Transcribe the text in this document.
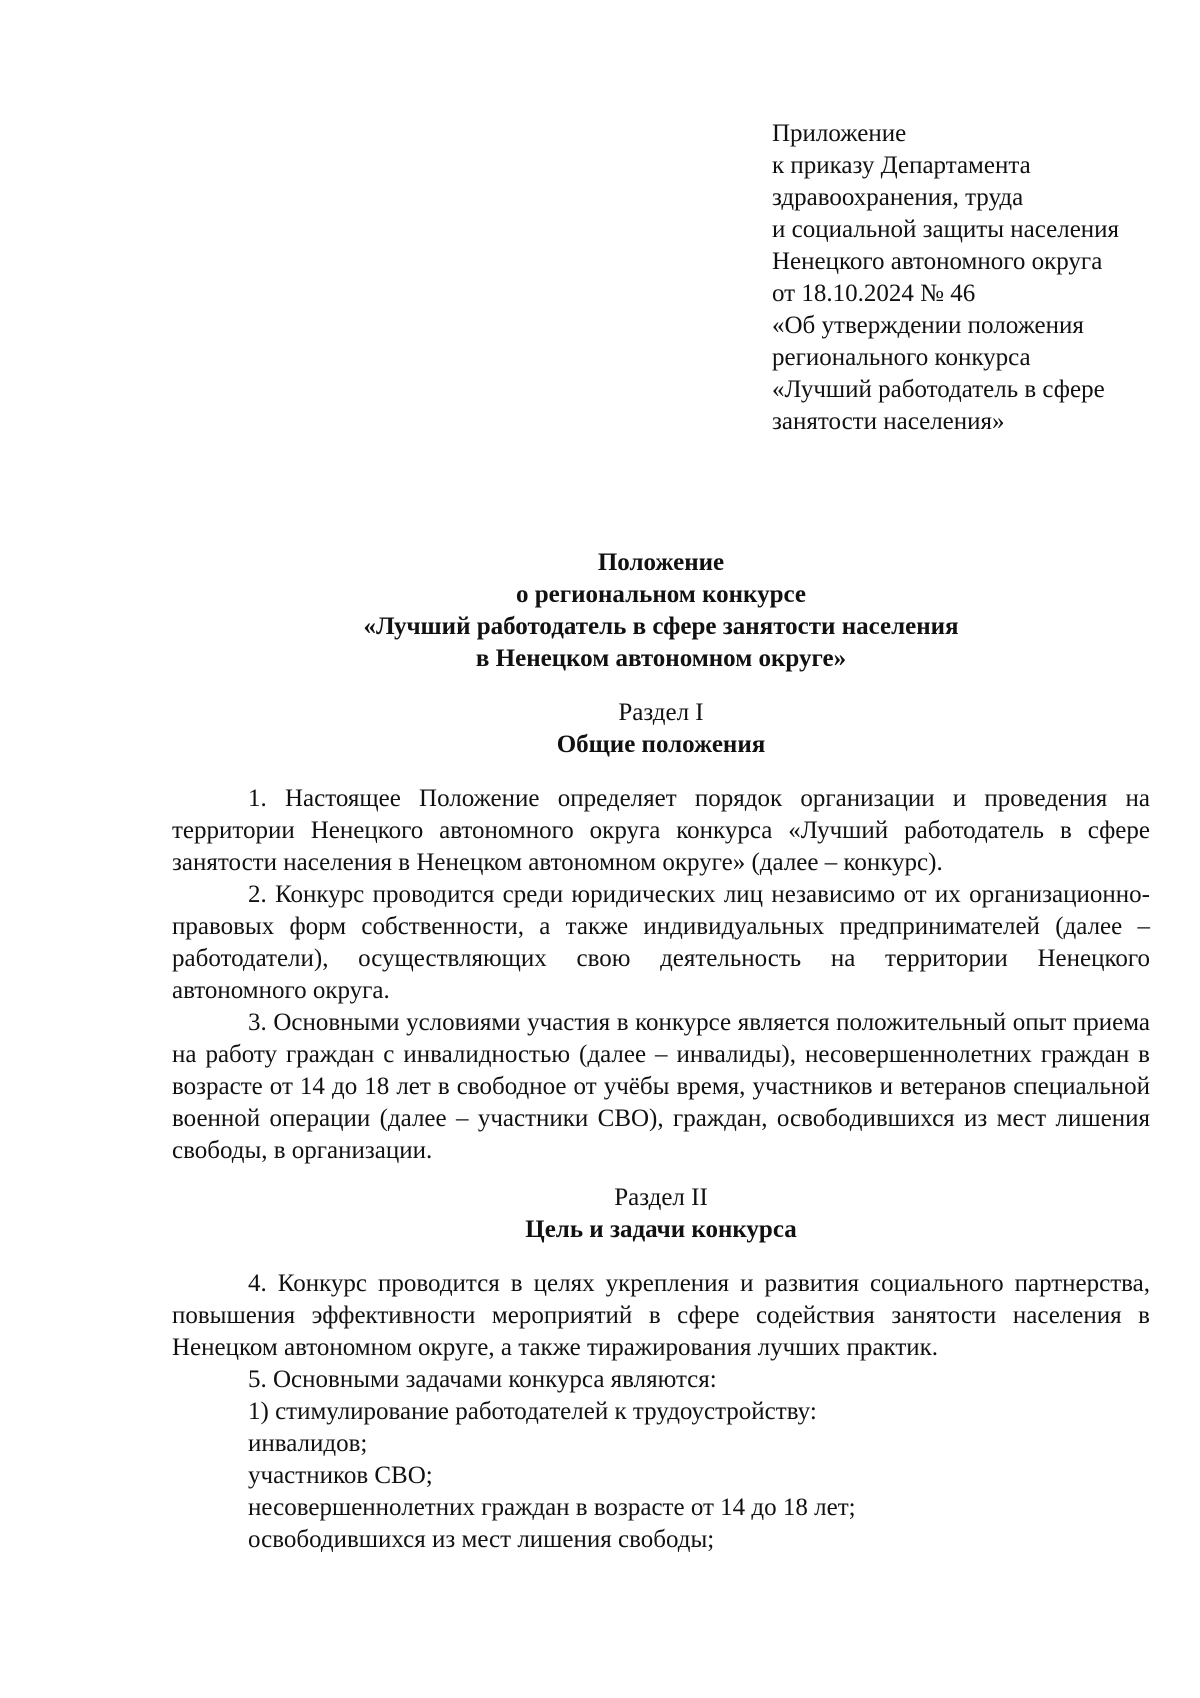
Приложение
к приказу Департамента
здравоохранения, труда
и социальной защиты населения
Ненецкого автономного округа
от 18.10.2024 № 46
«Об утверждении положения
регионального конкурса
«Лучший работодатель в сфере
занятости населения»
Положение
о региональном конкурсе
«Лучший работодатель в сфере занятости населения
в Ненецком автономном округе»
Раздел I
Общие положения

1. Настоящее Положение определяет порядок организации и проведения на территории Ненецкого автономного округа конкурса «Лучший работодатель в сфере занятости населения в Ненецком автономном округе» (далее – конкурс).

2. Конкурс проводится среди юридических лиц независимо от их организационно-правовых форм собственности, а также индивидуальных предпринимателей (далее – работодатели), осуществляющих свою деятельность на территории Ненецкого автономного округа.

3. Основными условиями участия в конкурсе является положительный опыт приема на работу граждан с инвалидностью (далее – инвалиды), несовершеннолетних граждан в возрасте от 14 до 18 лет в свободное от учёбы время, участников и ветеранов специальной военной операции (далее – участники СВО), граждан, освободившихся из мест лишения свободы, в организации.

Раздел II
Цель и задачи конкурса

4. Конкурс проводится в целях укрепления и развития социального партнерства, повышения эффективности мероприятий в сфере содействия занятости населения в Ненецком автономном округе, а также тиражирования лучших практик.

5. Основными задачами конкурса являются:

1) стимулирование работодателей к трудоустройству:

инвалидов;

участников СВО;

несовершеннолетних граждан в возрасте от 14 до 18 лет;

освободившихся из мест лишения свободы;
